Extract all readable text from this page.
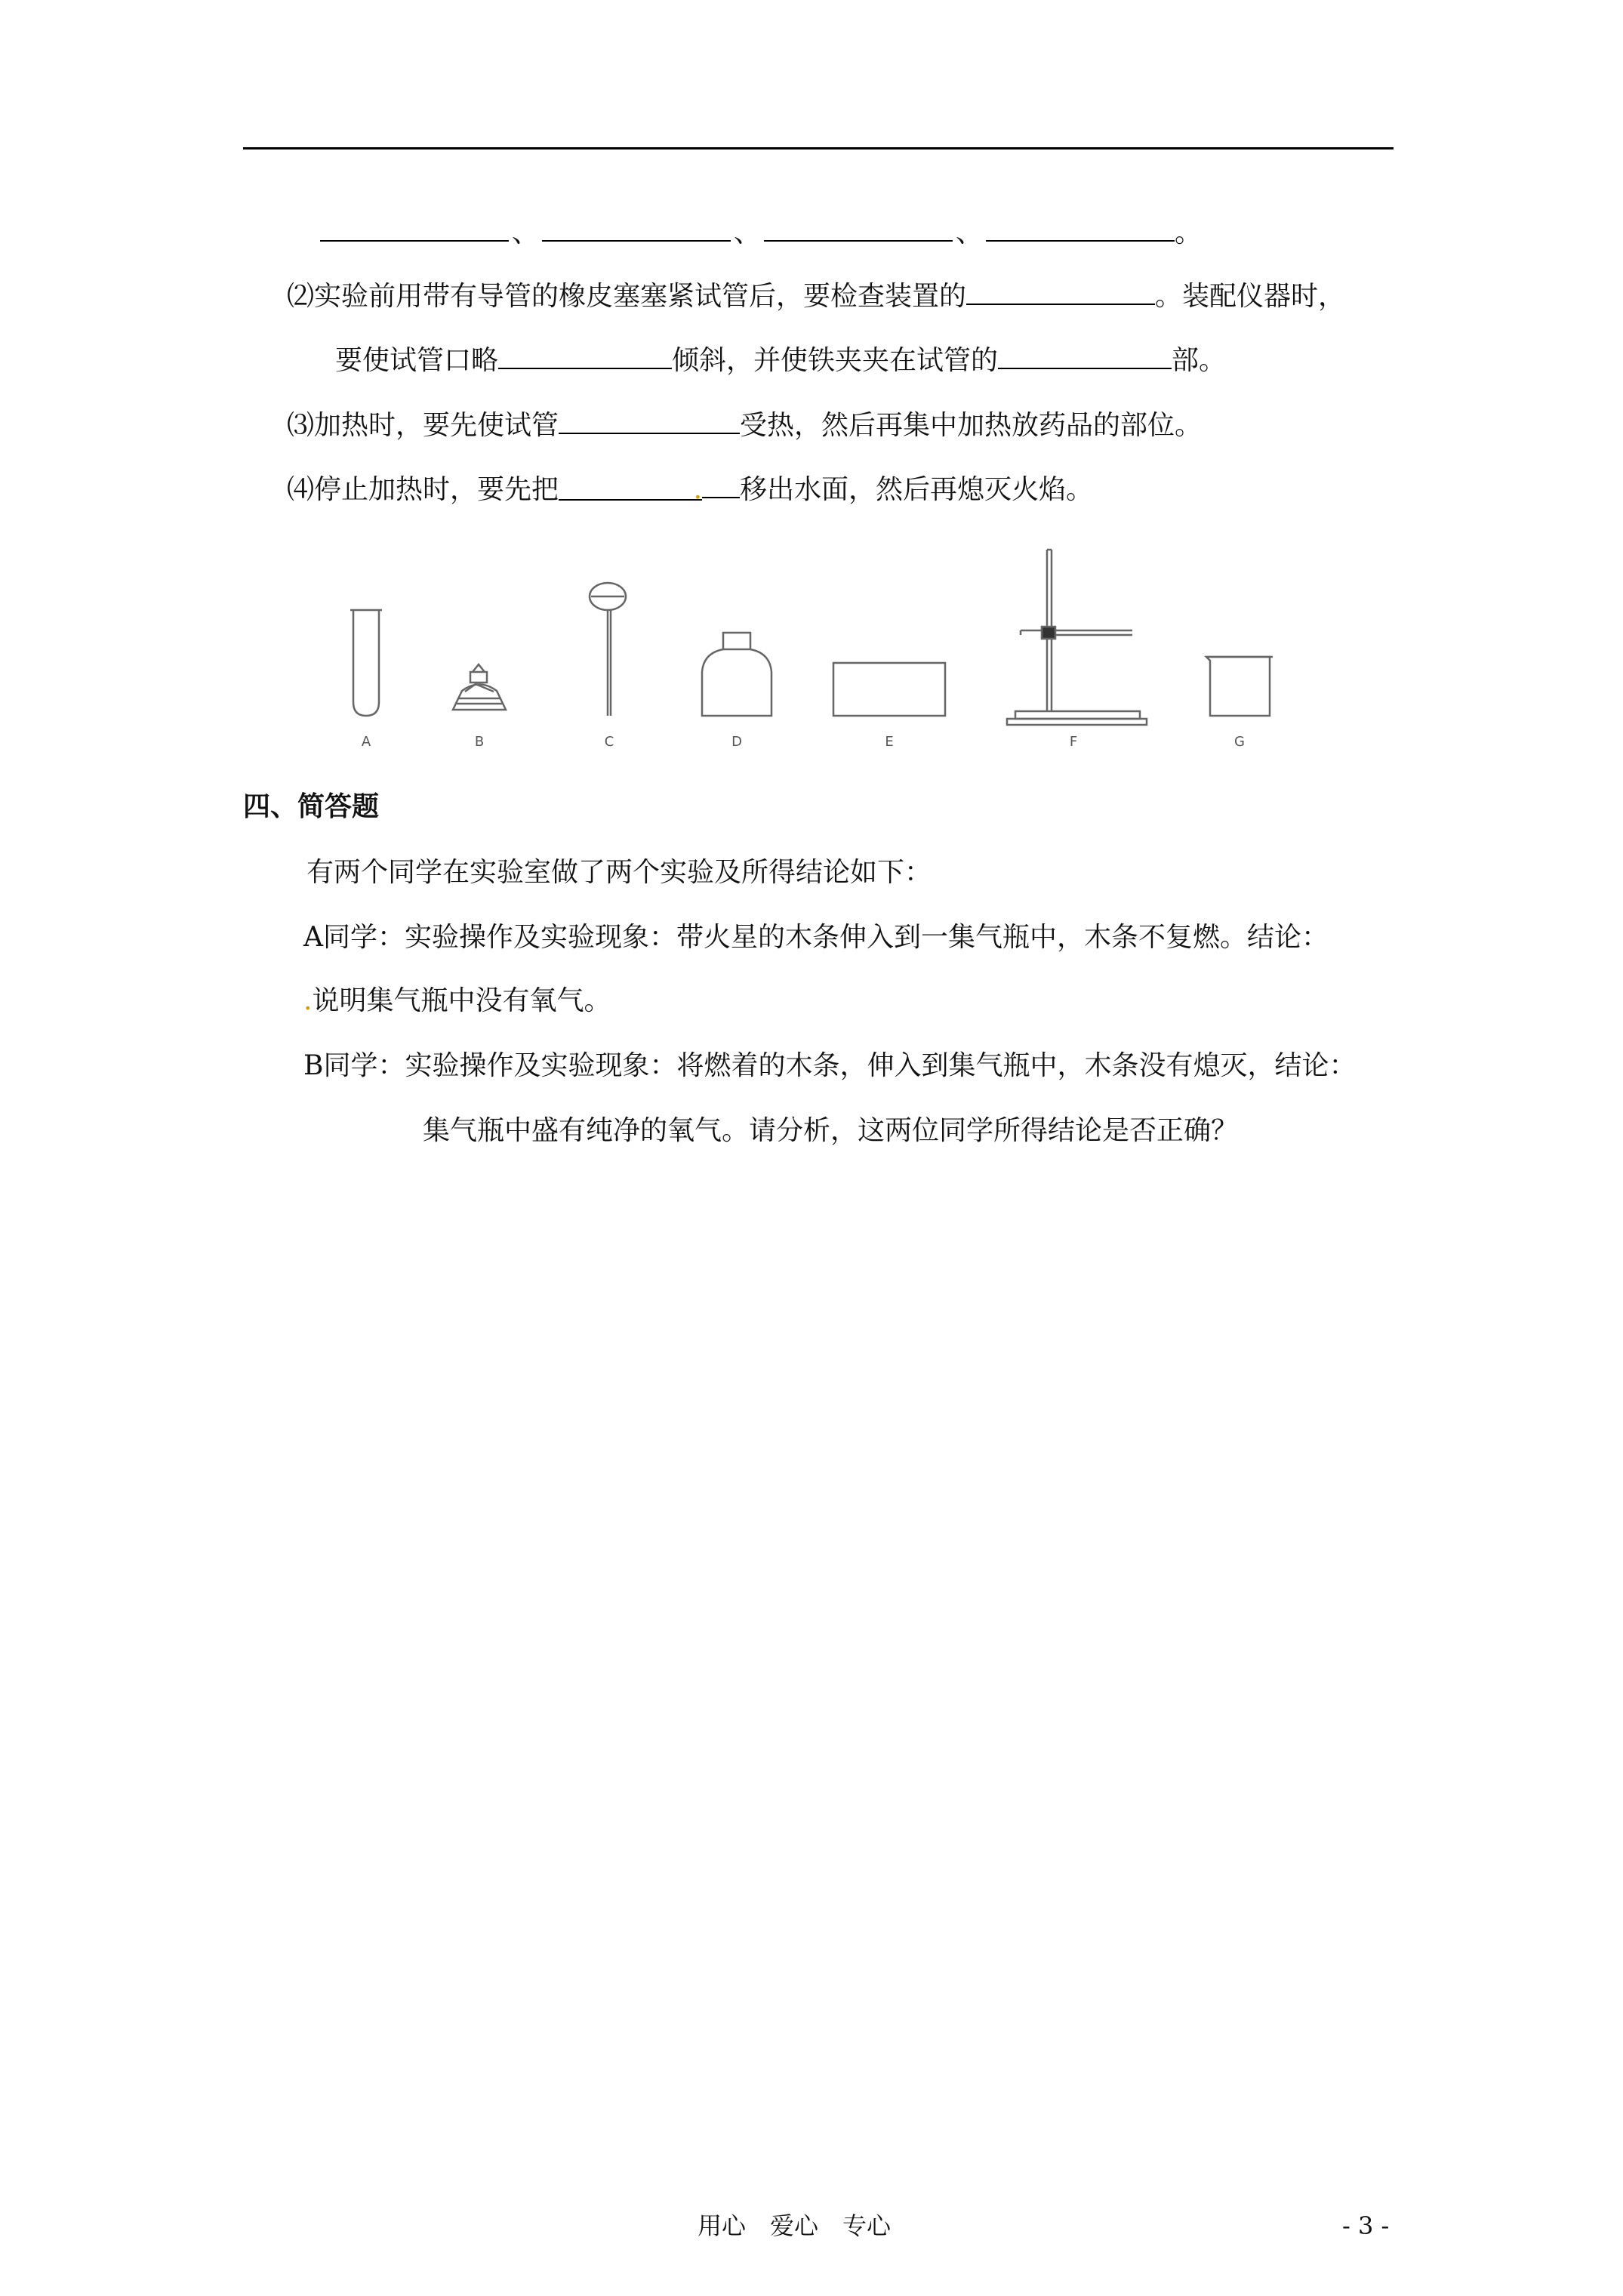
、	、	、	。
⑵实验前用带有导管的橡皮塞塞紧试管后，要检查装置的	。装配仪器时，
要使试管口略	倾斜，并使铁夹夹在试管的	部。
⑶加热时，要先使试管	受热，然后再集中加热放药品的部位。
⑷停止加热时，要先把	. 移出水面，然后再熄灭火焰。
A	B	C	D	E	F	G
四、简答题
有两个同学在实验室做了两个实验及所得结论如下：
A同学：实验操作及实验现象：带火星的木条伸入到一集气瓶中，木条不复燃。结论：
.说明集气瓶中没有氧气。
B同学：实验操作及实验现象：将燃着的木条，伸入到集气瓶中，木条没有熄灭，结论：
集气瓶中盛有纯净的氧气。请分析，这两位同学所得结论是否正确？
用心　爱心　专心	- 3 -
